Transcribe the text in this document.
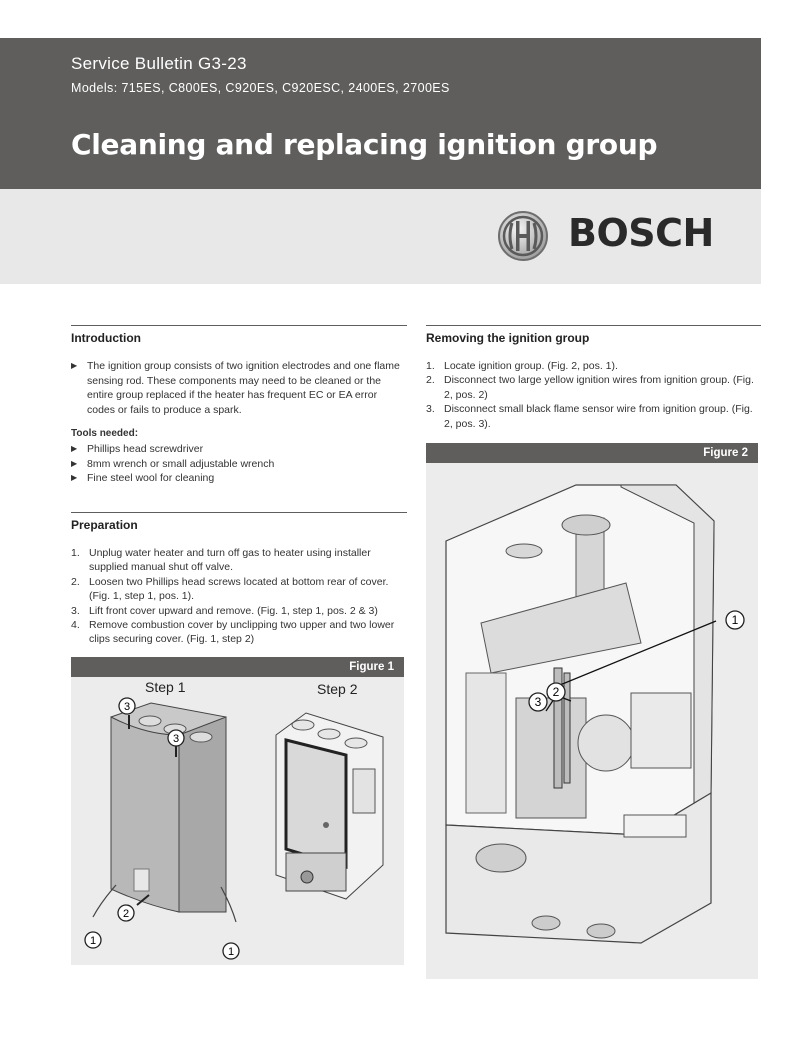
Service Bulletin G3-23
Models: 715ES, C800ES, C920ES, C920ESC, 2400ES, 2700ES
Cleaning and replacing ignition group
BOSCH
Introduction
▶ The ignition group consists of two ignition electrodes and one flame sensing rod. These components may need to be cleaned or the entire group replaced if the heater has frequent EC or EA error codes or fails to produce a spark.
Tools needed:
▶ Phillips head screwdriver
▶ 8mm wrench or small adjustable wrench
▶ Fine steel wool for cleaning
Preparation
1. Unplug water heater and turn off gas to heater using installer supplied manual shut off valve.
2. Loosen two Phillips head screws located at bottom rear of cover. (Fig. 1, step 1, pos. 1).
3. Lift front cover upward and remove. (Fig. 1, step 1, pos. 2 & 3)
4. Remove combustion cover by unclipping two upper and two lower clips securing cover. (Fig. 1, step 2)
Figure 1
Step 1	Step 2
3
3
2
1
1
Removing the ignition group
1. Locate ignition group. (Fig. 2, pos. 1).
2. Disconnect two large yellow ignition wires from ignition group. (Fig. 2, pos. 2)
3. Disconnect small black flame sensor wire from ignition group. (Fig. 2, pos. 3).
Figure 2
1
3
2
